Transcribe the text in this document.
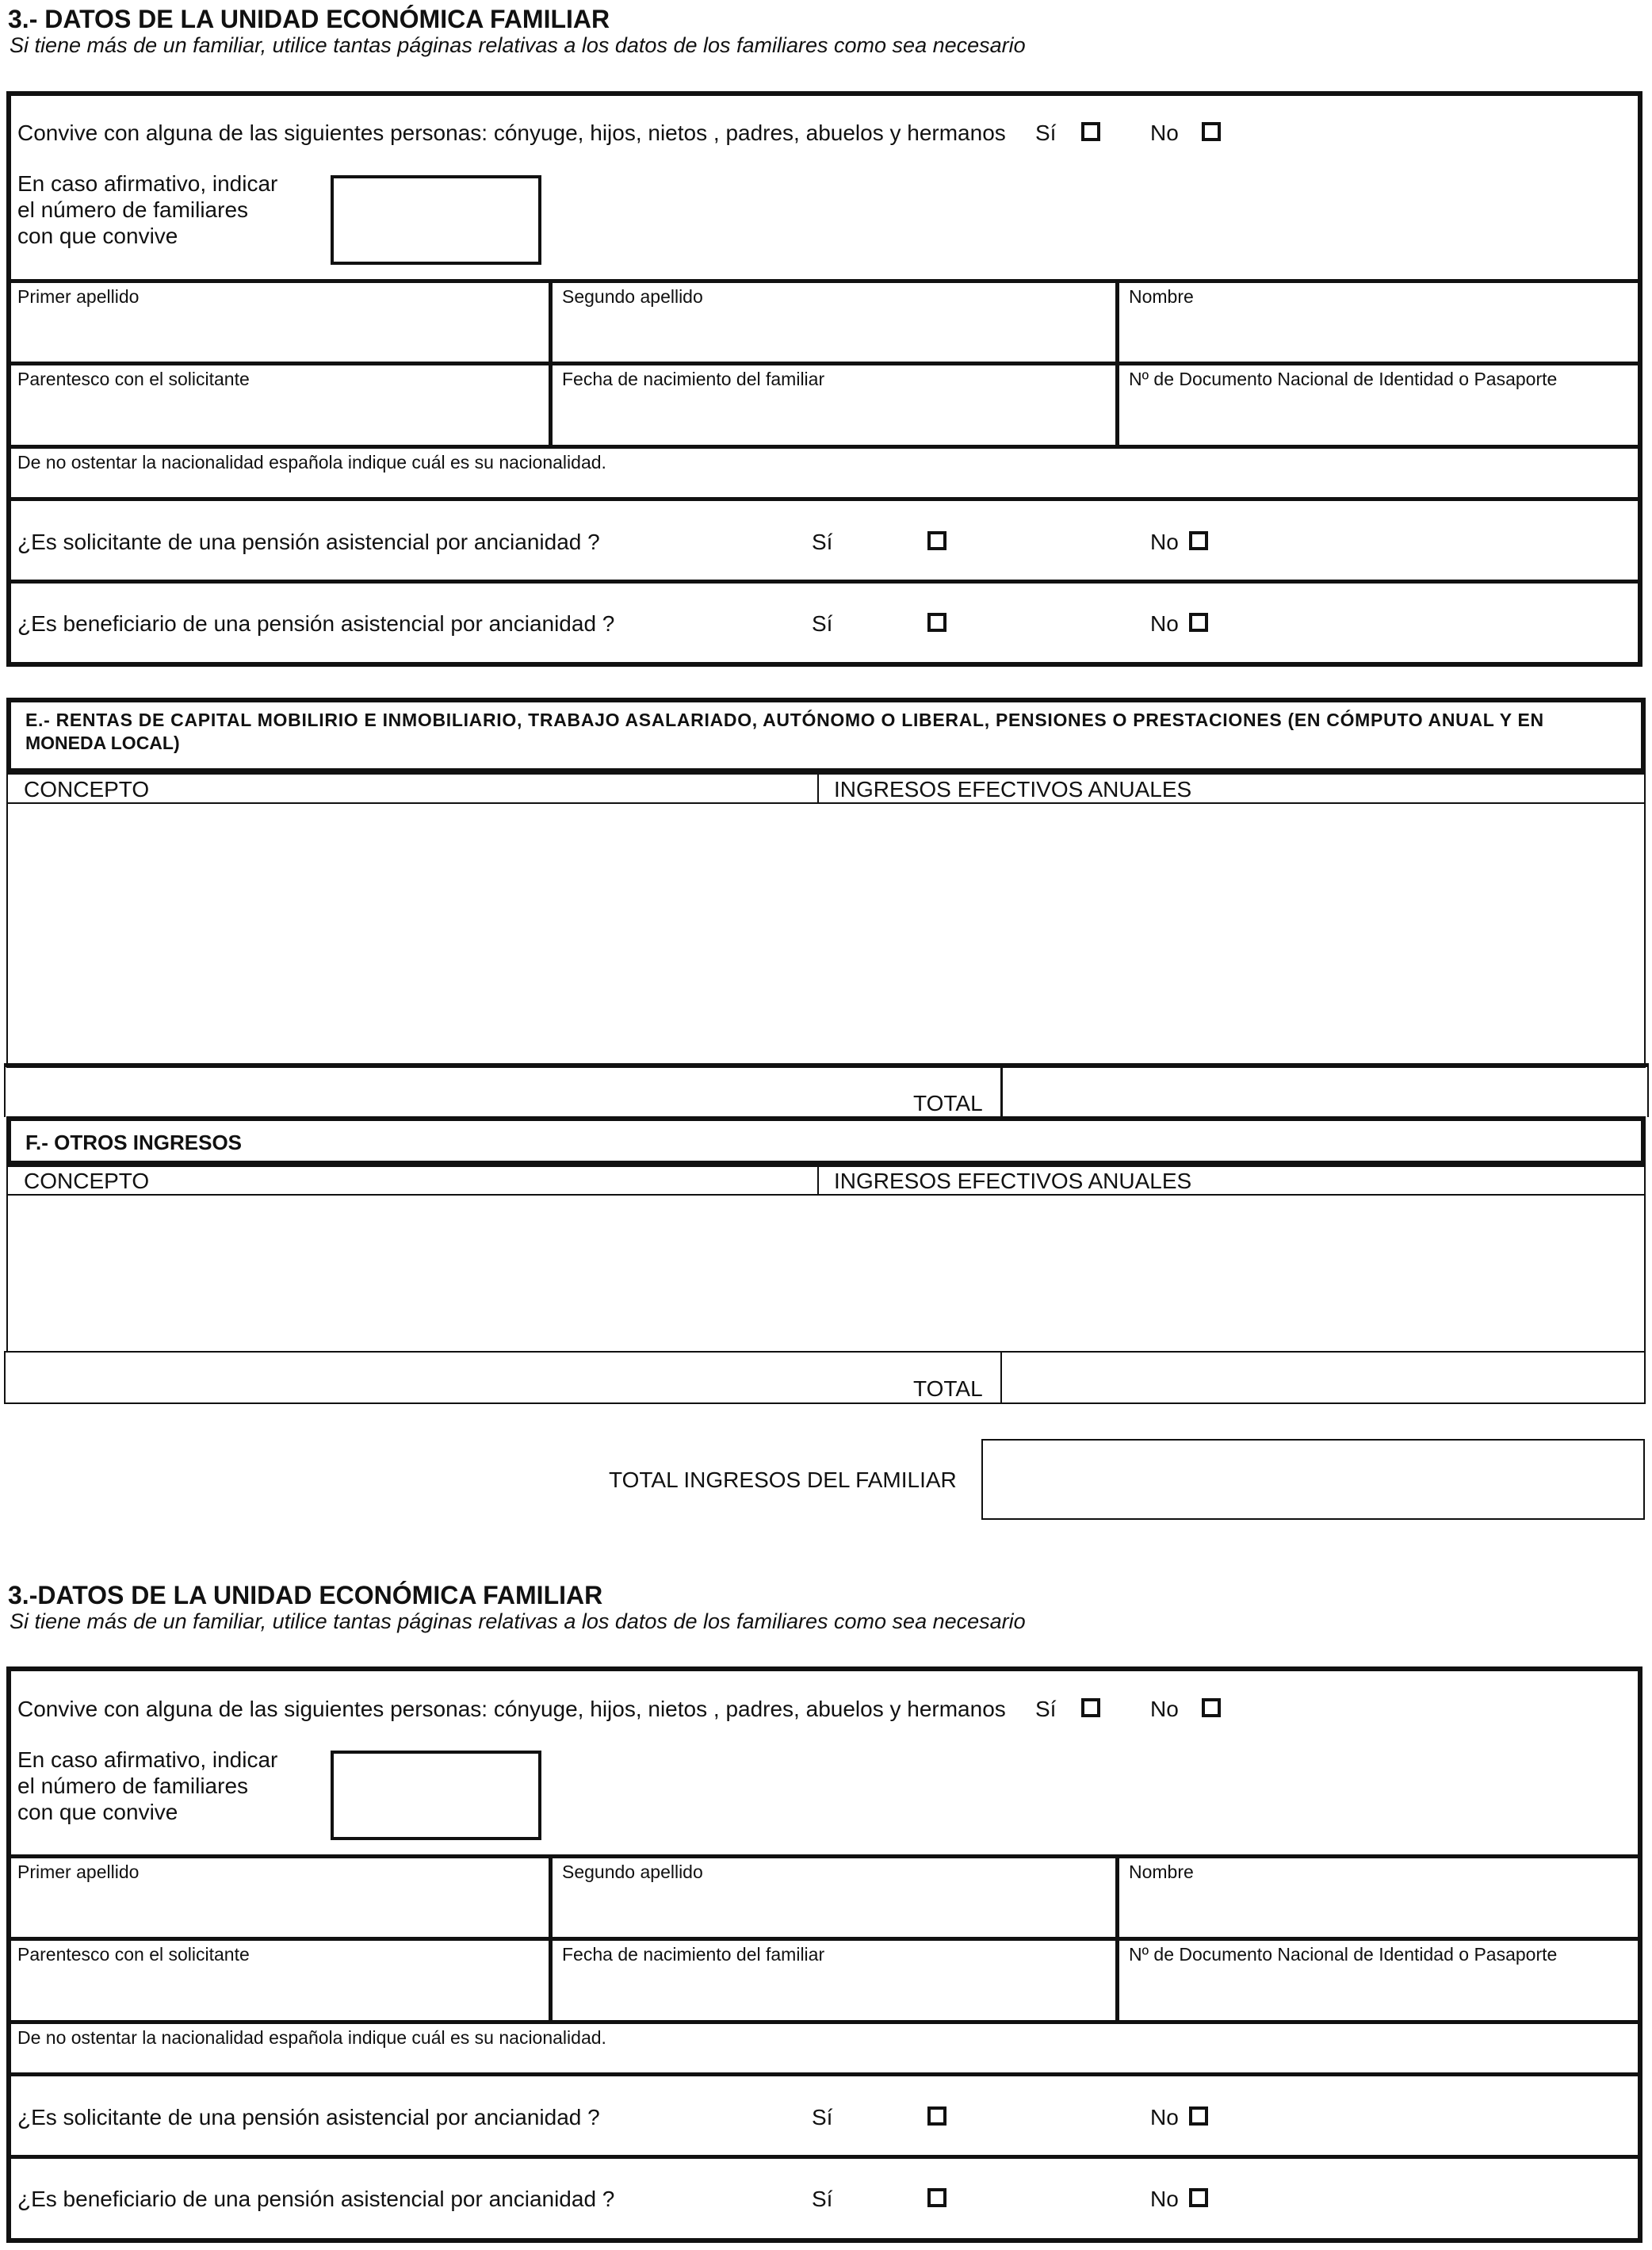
3.- DATOS DE LA UNIDAD ECONÓMICA FAMILIAR
Si tiene más de un familiar, utilice tantas páginas relativas a los datos de los familiares como sea necesario
Convive con alguna de las siguientes personas: cónyuge, hijos, nietos , padres, abuelos y hermanos Sí	No
En caso afirmativo, indicar
el número de familiares
con que convive
Primer apellido	Segundo apellido	Nombre
Parentesco con el solicitante	Fecha de nacimiento del familiar	Nº de Documento Nacional de Identidad o Pasaporte
De no ostentar la nacionalidad española indique cuál es su nacionalidad.
¿Es solicitante de una pensión asistencial por ancianidad ?	Sí	No
¿Es beneficiario de una pensión asistencial por ancianidad ?	Sí	No
E.- RENTAS DE CAPITAL MOBILIRIO E INMOBILIARIO, TRABAJO ASALARIADO, AUTÓNOMO O LIBERAL, PENSIONES O PRESTACIONES (EN CÓMPUTO ANUAL Y EN
MONEDA LOCAL)
CONCEPTO	INGRESOS EFECTIVOS ANUALES
TOTAL
F.- OTROS INGRESOS
CONCEPTO	INGRESOS EFECTIVOS ANUALES
TOTAL
TOTAL INGRESOS DEL FAMILIAR
3.-DATOS DE LA UNIDAD ECONÓMICA FAMILIAR
Si tiene más de un familiar, utilice tantas páginas relativas a los datos de los familiares como sea necesario
Convive con alguna de las siguientes personas: cónyuge, hijos, nietos , padres, abuelos y hermanos Sí	No
En caso afirmativo, indicar
el número de familiares
con que convive
Primer apellido	Segundo apellido	Nombre
Parentesco con el solicitante	Fecha de nacimiento del familiar	Nº de Documento Nacional de Identidad o Pasaporte
De no ostentar la nacionalidad española indique cuál es su nacionalidad.
¿Es solicitante de una pensión asistencial por ancianidad ?	Sí	No
¿Es beneficiario de una pensión asistencial por ancianidad ?	Sí	No
